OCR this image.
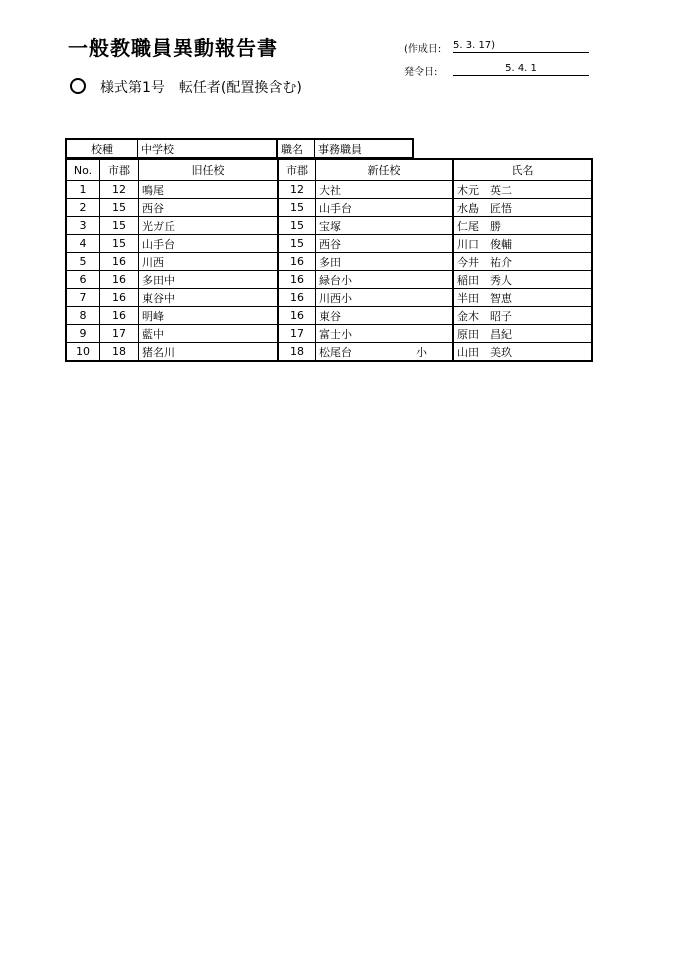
一般教職員異動報告書	(作成日: 5. 3. 17)
発令日:	5. 4. 1
様式第1号　転任者(配置換含む)
校種	中学校	職名	事務職員
No.	市郡	旧任校	市郡	新任校	氏名
1	12	鳴尾	12	大社	木元　英二
2	15	西谷	15	山手台	水島　匠悟
3	15	光ガ丘	15	宝塚	仁尾　勝
4	15	山手台	15	西谷	川口　俊輔
5	16	川西	16	多田	今井　祐介
6	16	多田中	16	緑台小	稲田　秀人
7	16	東谷中	16	川西小	半田　智恵
8	16	明峰	16	東谷	金木　昭子
9	17	藍中	17	富士小	原田　昌紀
10	18	猪名川	18	松尾台 小	山田　美玖
